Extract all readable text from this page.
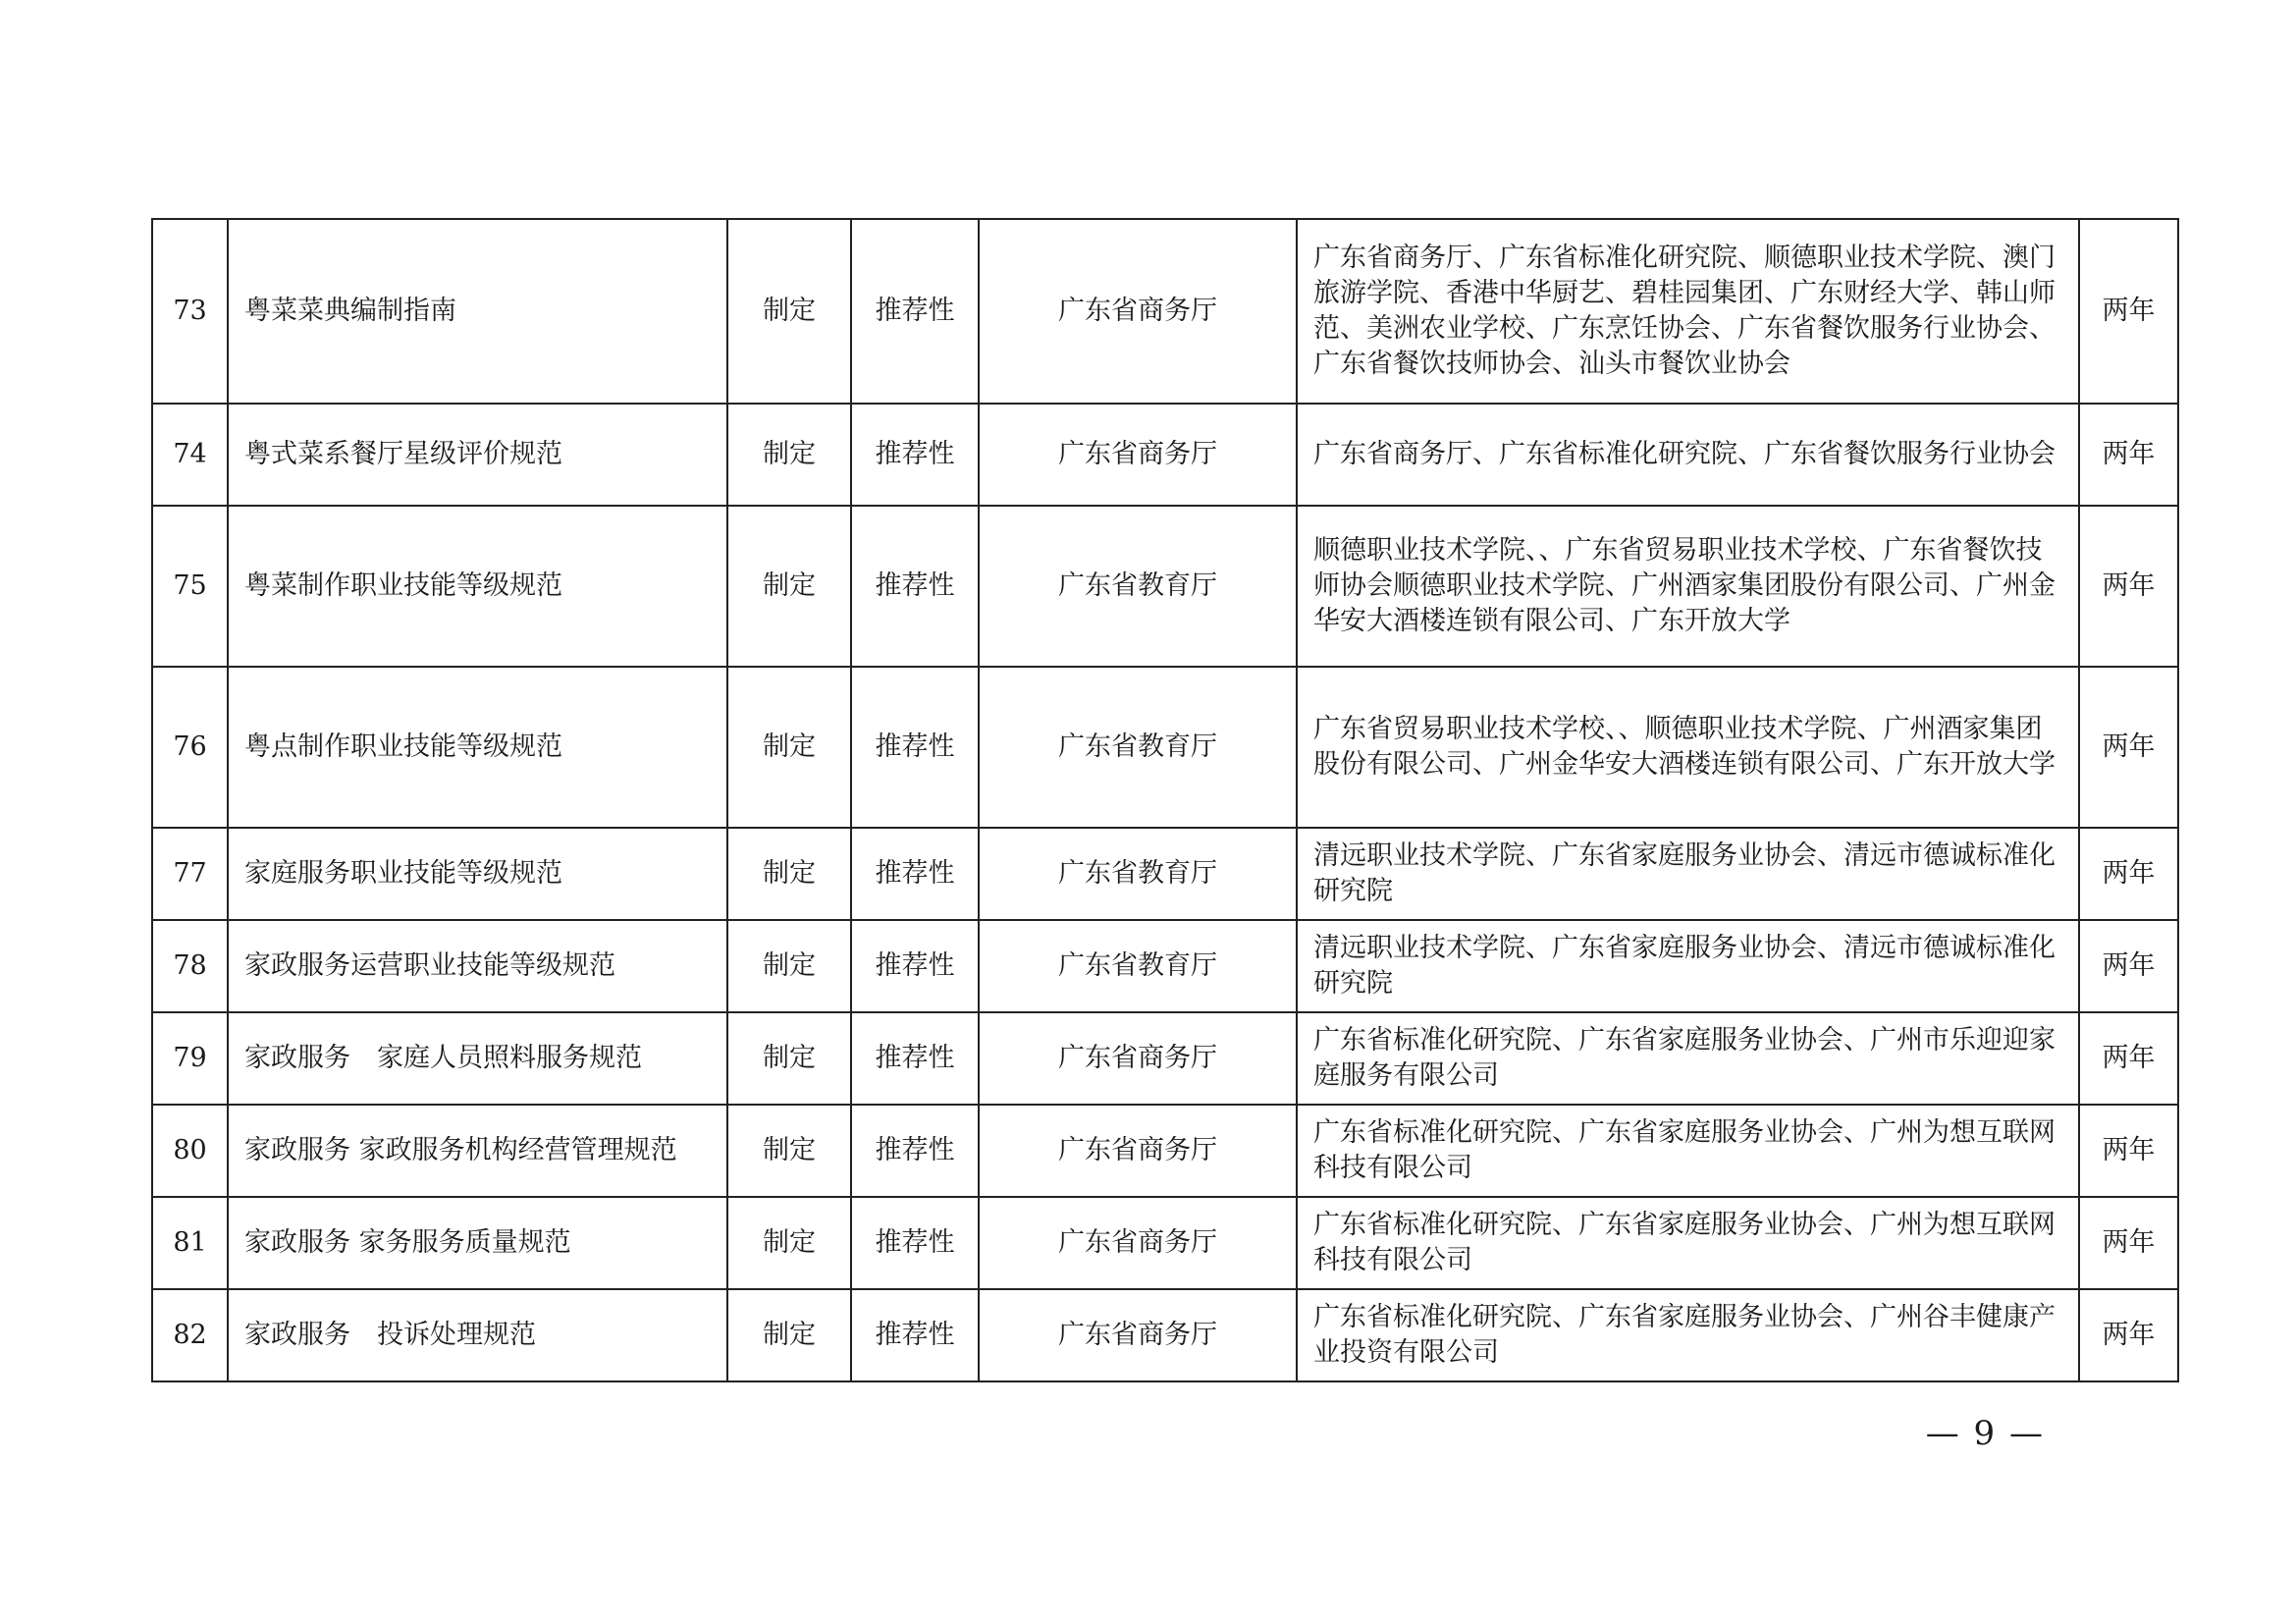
73	粤菜菜典编制指南	制定	推荐性	广东省商务厅	广东省商务厅、广东省标准化研究院、顺德职业技术学院、澳门旅游学院、香港中华厨艺、碧桂园集团、广东财经大学、韩山师范、美洲农业学校、广东烹饪协会、广东省餐饮服务行业协会、广东省餐饮技师协会、汕头市餐饮业协会	两年
74	粤式菜系餐厅星级评价规范	制定	推荐性	广东省商务厅	广东省商务厅、广东省标准化研究院、广东省餐饮服务行业协会	两年
75	粤菜制作职业技能等级规范	制定	推荐性	广东省教育厅	顺德职业技术学院、、广东省贸易职业技术学校、广东省餐饮技师协会顺德职业技术学院、广州酒家集团股份有限公司、广州金华安大酒楼连锁有限公司、广东开放大学	两年
76	粤点制作职业技能等级规范	制定	推荐性	广东省教育厅	广东省贸易职业技术学校、、顺德职业技术学院、广州酒家集团股份有限公司、广州金华安大酒楼连锁有限公司、广东开放大学	两年
77	家庭服务职业技能等级规范	制定	推荐性	广东省教育厅	清远职业技术学院、广东省家庭服务业协会、清远市德诚标准化研究院	两年
78	家政服务运营职业技能等级规范	制定	推荐性	广东省教育厅	清远职业技术学院、广东省家庭服务业协会、清远市德诚标准化研究院	两年
79	家政服务　家庭人员照料服务规范	制定	推荐性	广东省商务厅	广东省标准化研究院、广东省家庭服务业协会、广州市乐迎迎家庭服务有限公司	两年
80	家政服务 家政服务机构经营管理规范	制定	推荐性	广东省商务厅	广东省标准化研究院、广东省家庭服务业协会、广州为想互联网科技有限公司	两年
81	家政服务 家务服务质量规范	制定	推荐性	广东省商务厅	广东省标准化研究院、广东省家庭服务业协会、广州为想互联网科技有限公司	两年
82	家政服务　投诉处理规范	制定	推荐性	广东省商务厅	广东省标准化研究院、广东省家庭服务业协会、广州谷丰健康产业投资有限公司	两年
— 9 —
